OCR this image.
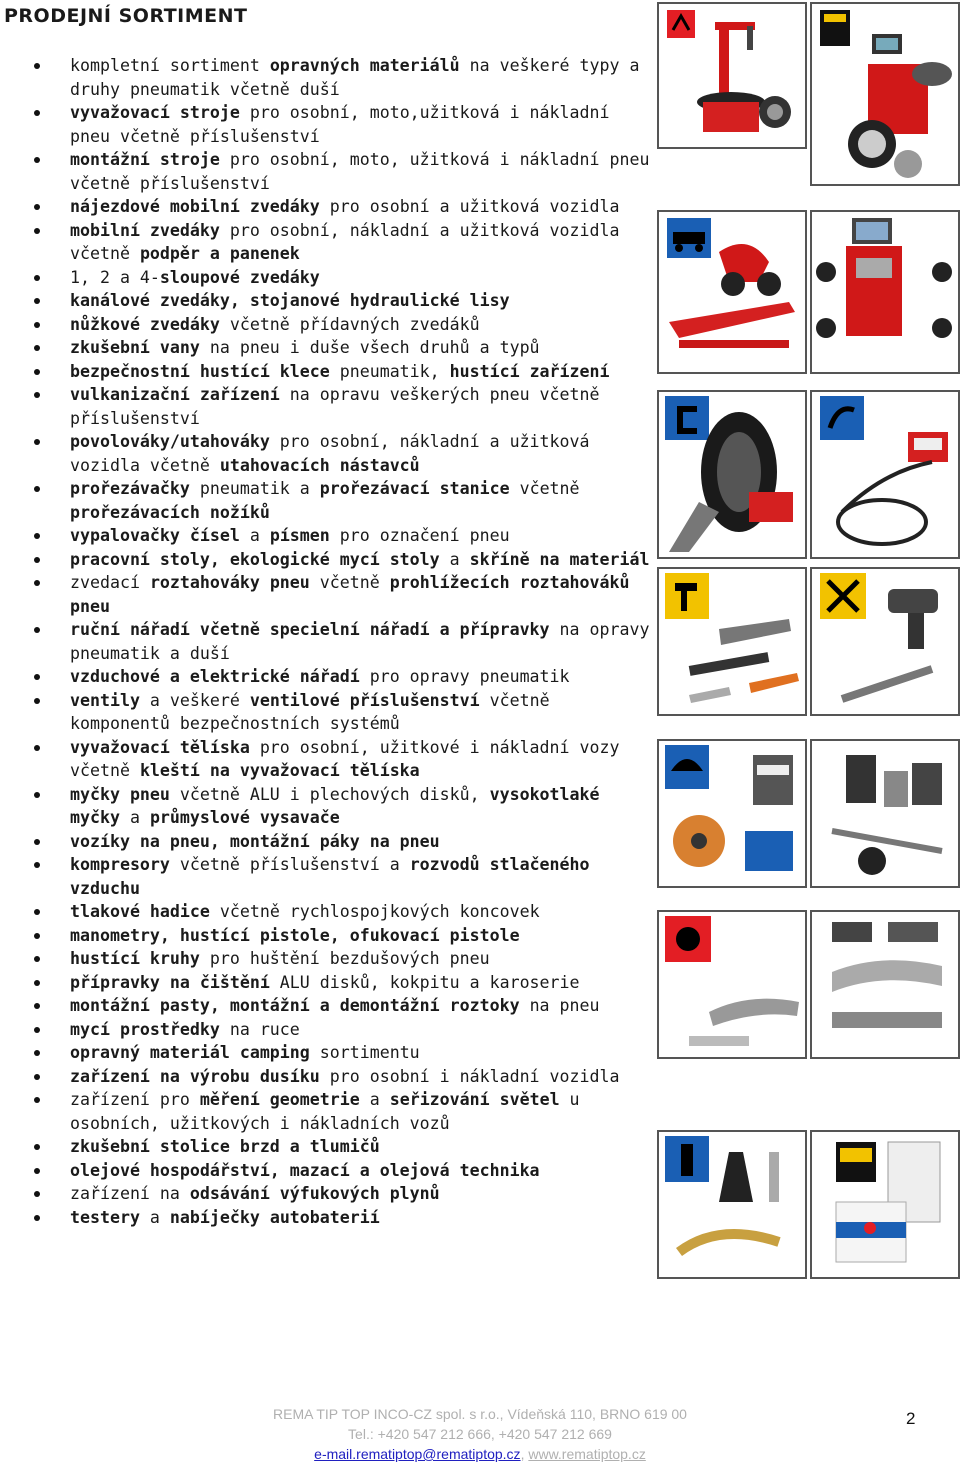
PRODEJNÍ SORTIMENT
kompletní sortiment opravných materiálů na veškeré typy a druhy pneumatik včetně duší
vyvažovací stroje pro osobní, moto,užitková i nákladní pneu včetně příslušenství
montážní stroje pro osobní, moto, užitková i nákladní pneu včetně příslušenství
nájezdové mobilní zvedáky pro osobní a užitková vozidla
mobilní zvedáky pro osobní, nákladní a užitková vozidla včetně podpěr a panenek
1, 2 a 4-sloupové zvedáky
kanálové zvedáky, stojanové hydraulické lisy
nůžkové zvedáky včetně přídavných zvedáků
zkušební vany na pneu i duše všech druhů a typů
bezpečnostní hustící klece pneumatik, hustící zařízení
vulkanizační zařízení na opravu veškerých pneu včetně příslušenství
povolováky/utahováky pro osobní, nákladní a užitková vozidla včetně utahovacích nástavců
prořezávačky pneumatik a prořezávací stanice včetně prořezávacích nožíků
vypalovačky čísel a písmen pro označení pneu
pracovní stoly, ekologické mycí stoly a skříně na materiál
zvedací roztahováky pneu včetně prohlížecích roztahováků pneu
ruční nářadí včetně specielní nářadí a přípravky na opravy pneumatik a duší
vzduchové a elektrické nářadí pro opravy pneumatik
ventily a veškeré ventilové příslušenství včetně komponentů bezpečnostních systémů
vyvažovací tělíska pro osobní, užitkové i nákladní vozy včetně kleští na vyvažovací tělíska
myčky pneu včetně ALU i plechových disků, vysokotlaké myčky a průmyslové vysavače
vozíky na pneu, montážní páky na pneu
kompresory včetně příslušenství a rozvodů stlačeného vzduchu
tlakové hadice včetně rychlospojkových koncovek
manometry, hustící pistole, ofukovací pistole
hustící kruhy pro huštění bezdušových pneu
přípravky na čištění ALU disků, kokpitu a karoserie
montážní pasty, montážní a demontážní roztoky na pneu
mycí prostředky na ruce
opravný materiál camping sortimentu
zařízení na výrobu dusíku pro osobní i nákladní vozidla
zařízení pro měření geometrie a seřizování světel u osobních, užitkových i nákladních vozů
zkušební stolice brzd a tlumičů
olejové hospodářství, mazací a olejová technika
zařízení na odsávání výfukových plynů
testery a nabíječky autobaterií
REMA TIP TOP INCO-CZ spol. s r.o., Vídeňská 110, BRNO 619 00
Tel.: +420 547 212 666, +420 547 212 669
e-mail.rematiptop@rematiptop.cz, www.rematiptop.cz
2
